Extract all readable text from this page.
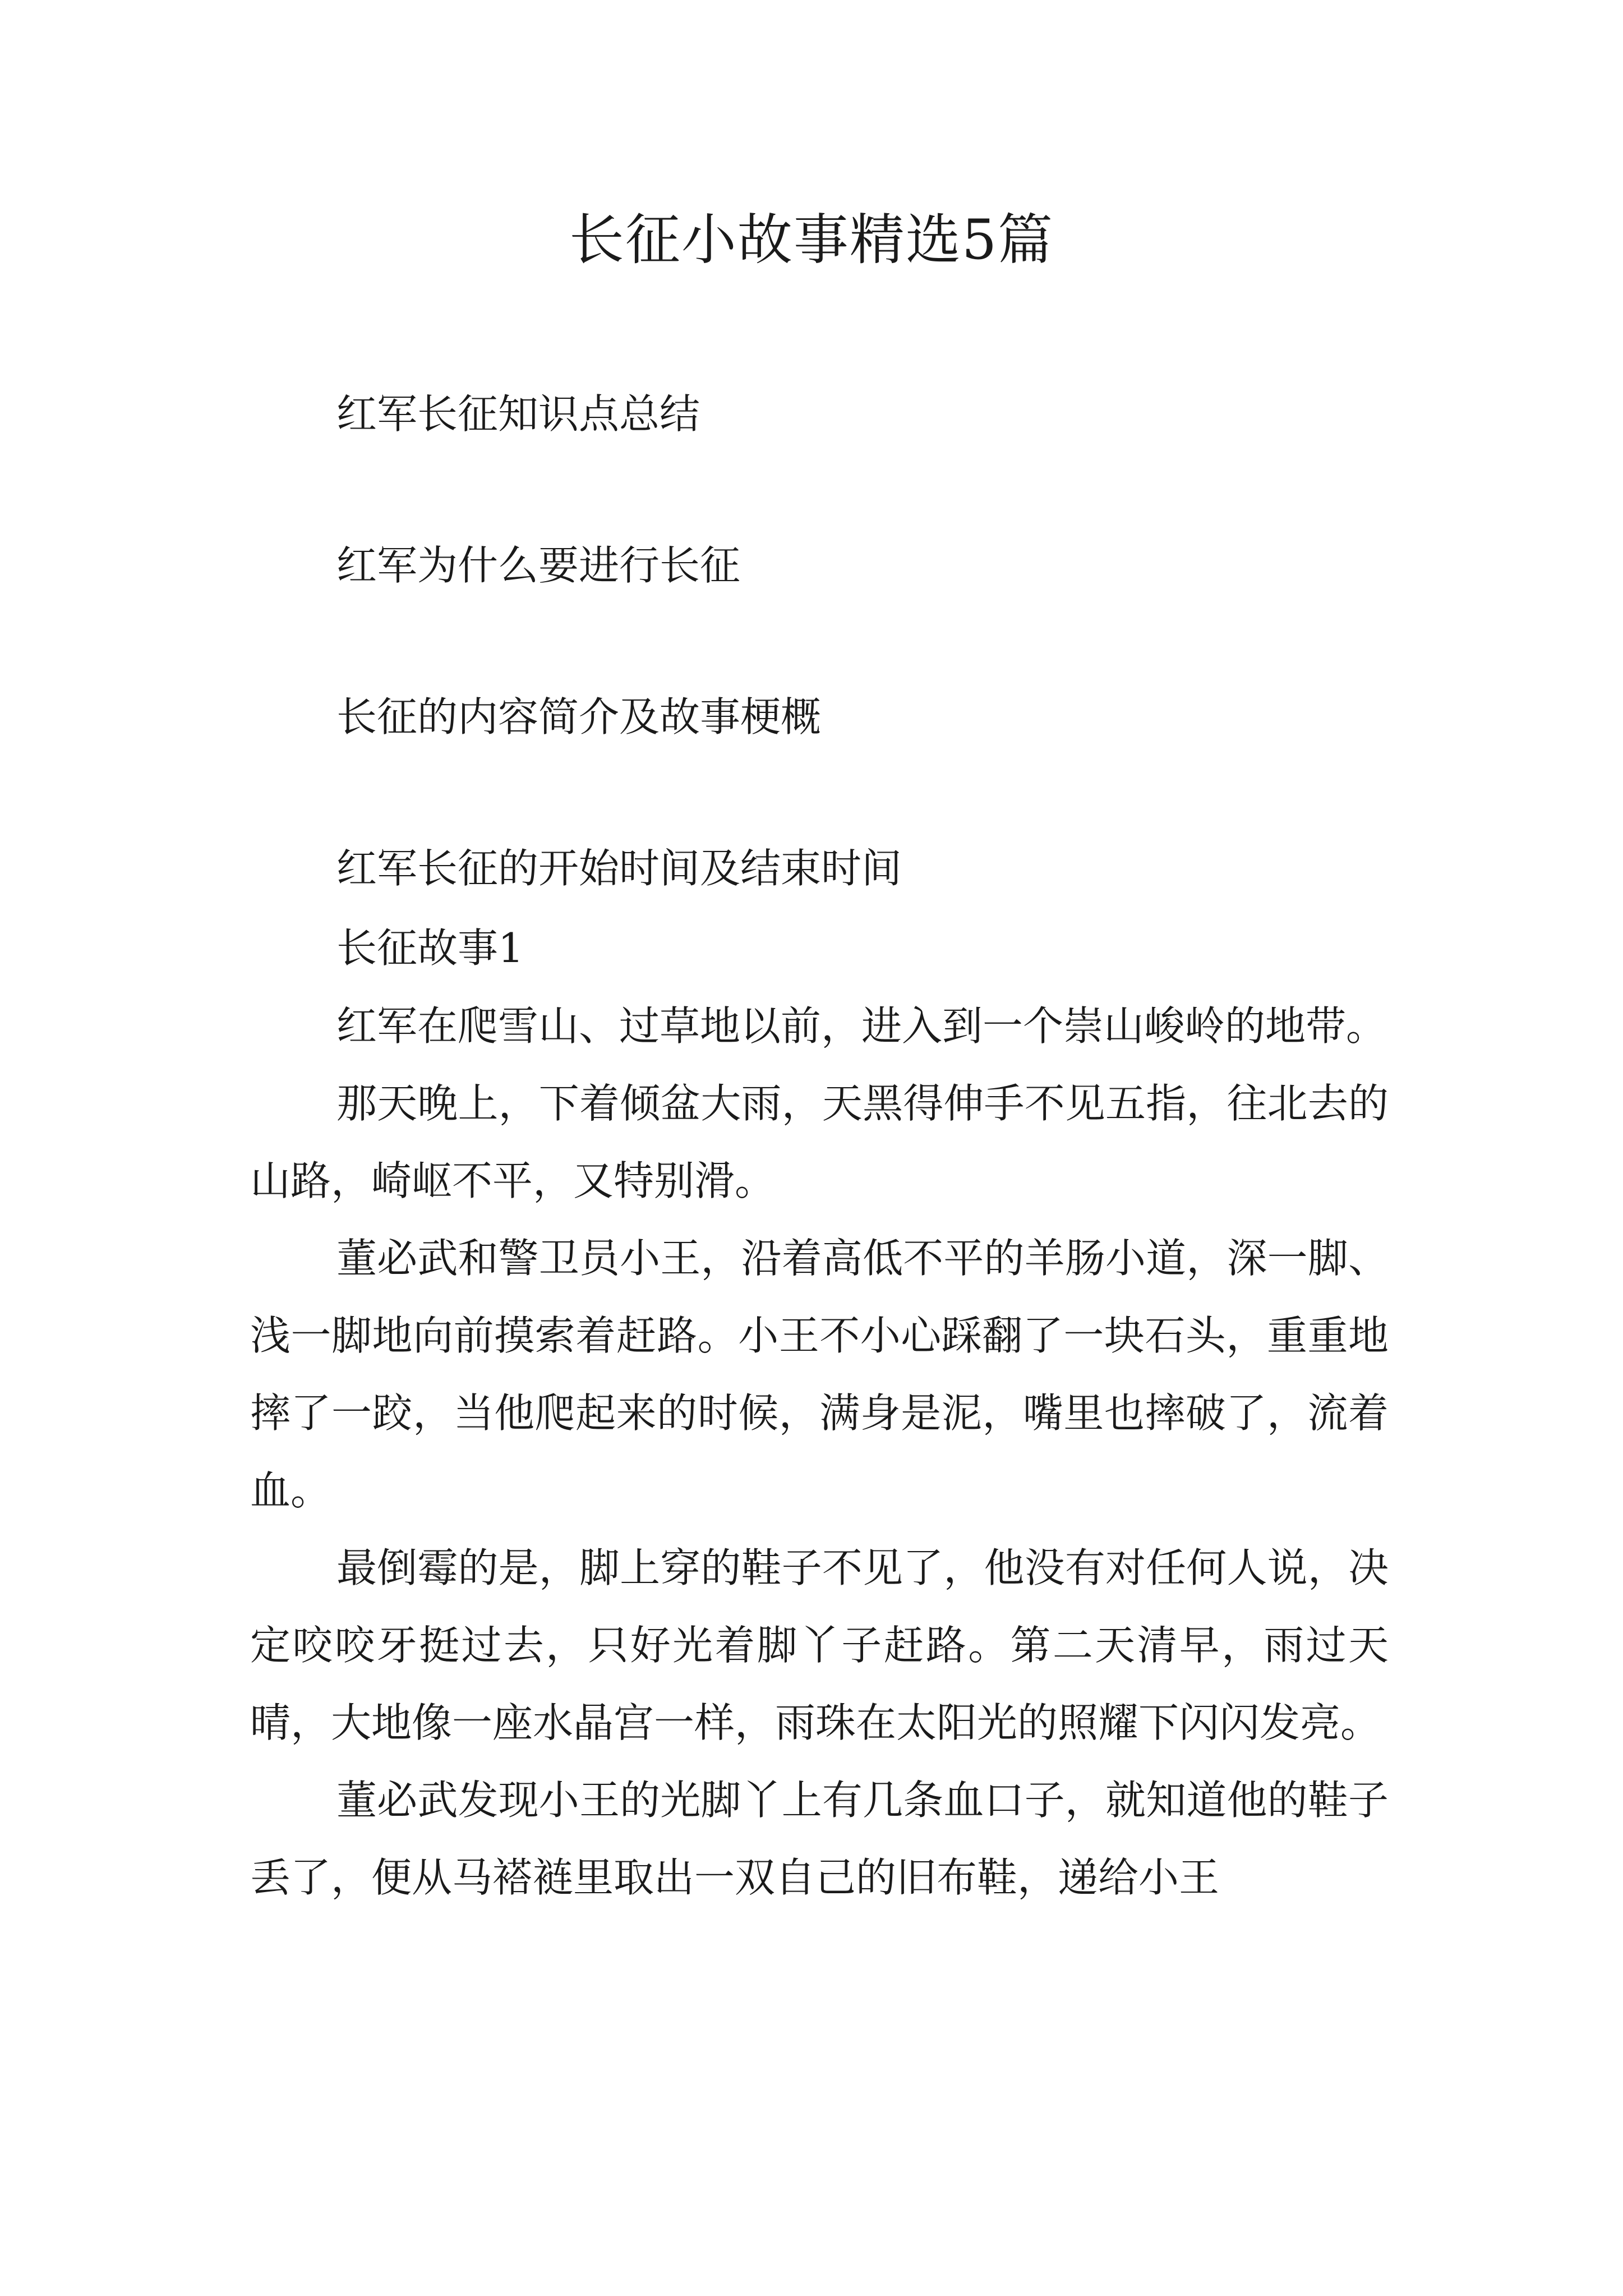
长征小故事精选5篇

红军长征知识点总结

红军为什么要进行长征

长征的内容简介及故事梗概

红军长征的开始时间及结束时间

长征故事1

红军在爬雪山、过草地以前，进入到一个崇山峻岭的地带。

那天晚上，下着倾盆大雨，天黑得伸手不见五指，往北去的山路，崎岖不平，又特别滑。

董必武和警卫员小王，沿着高低不平的羊肠小道，深一脚、浅一脚地向前摸索着赶路。小王不小心踩翻了一块石头，重重地摔了一跤，当他爬起来的时候，满身是泥，嘴里也摔破了，流着血。

最倒霉的是，脚上穿的鞋子不见了，他没有对任何人说，决定咬咬牙挺过去，只好光着脚丫子赶路。第二天清早，雨过天晴，大地像一座水晶宫一样，雨珠在太阳光的照耀下闪闪发亮。

董必武发现小王的光脚丫上有几条血口子，就知道他的鞋子丢了，便从马褡裢里取出一双自己的旧布鞋，递给小王
